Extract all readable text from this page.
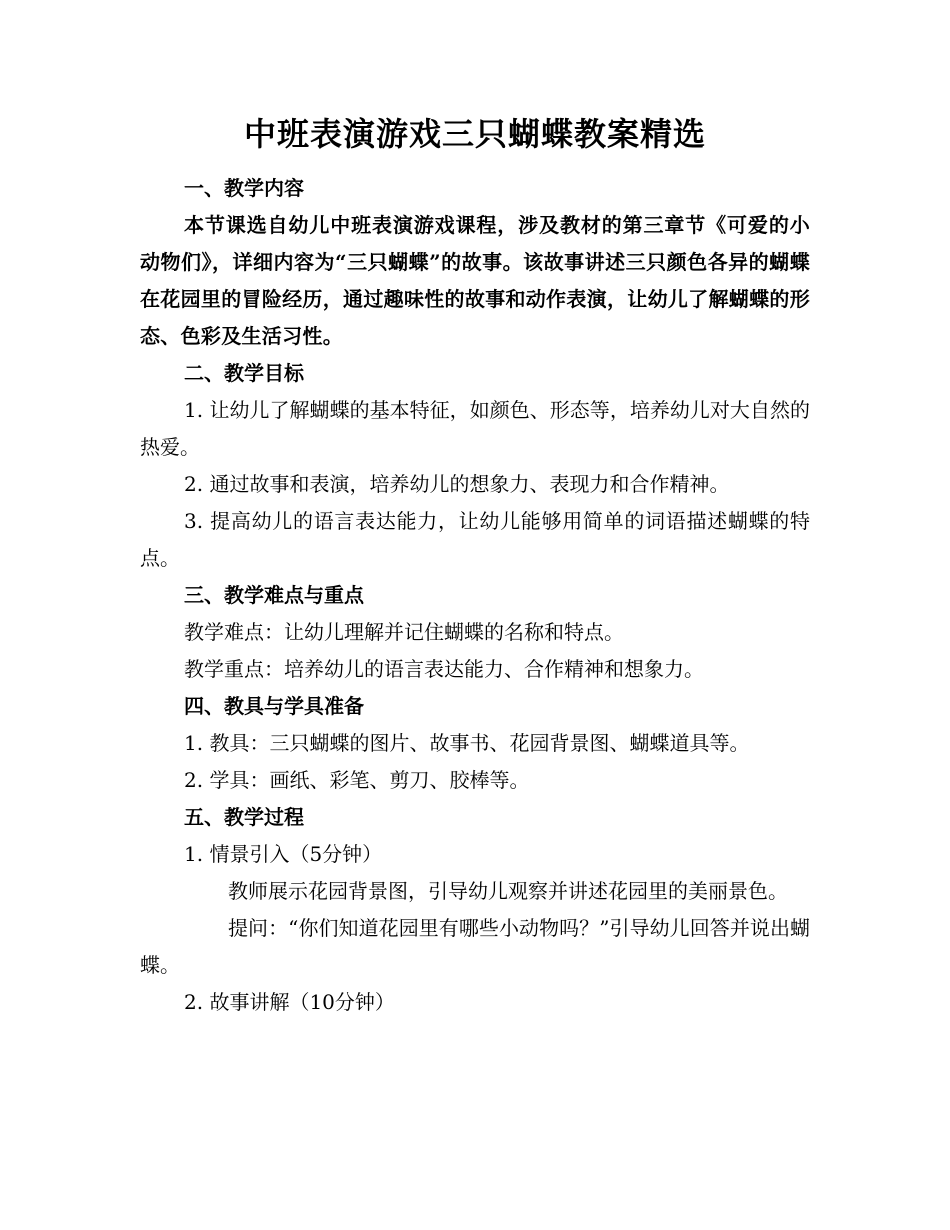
中班表演游戏三只蝴蝶教案精选

一、教学内容

本节课选自幼儿中班表演游戏课程，涉及教材的第三章节《可爱的小动物们》，详细内容为“三只蝴蝶”的故事。该故事讲述三只颜色各异的蝴蝶在花园里的冒险经历，通过趣味性的故事和动作表演，让幼儿了解蝴蝶的形态、色彩及生活习性。

二、教学目标

1. 让幼儿了解蝴蝶的基本特征，如颜色、形态等，培养幼儿对大自然的热爱。

2. 通过故事和表演，培养幼儿的想象力、表现力和合作精神。

3. 提高幼儿的语言表达能力，让幼儿能够用简单的词语描述蝴蝶的特点。

三、教学难点与重点

教学难点：让幼儿理解并记住蝴蝶的名称和特点。

教学重点：培养幼儿的语言表达能力、合作精神和想象力。

四、教具与学具准备

1. 教具：三只蝴蝶的图片、故事书、花园背景图、蝴蝶道具等。

2. 学具：画纸、彩笔、剪刀、胶棒等。

五、教学过程

1. 情景引入（5分钟）

教师展示花园背景图，引导幼儿观察并讲述花园里的美丽景色。

提问：“你们知道花园里有哪些小动物吗？”引导幼儿回答并说出蝴蝶。

2. 故事讲解（10分钟）
